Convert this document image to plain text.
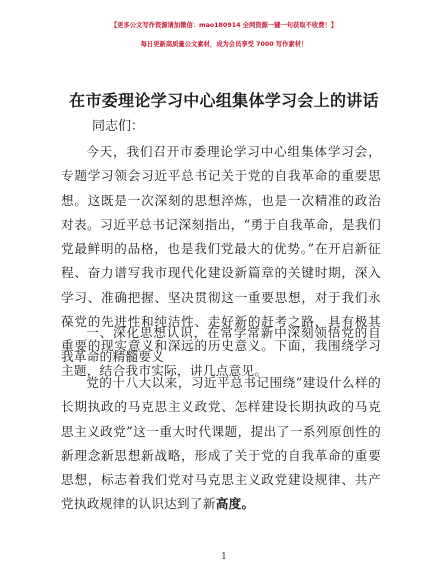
【更多公文写作资源请加微信：mao180914 全网资源一键一句获取不收费！】
每日更新高质量公文素材，成为会员享受 7000 写作素材！
在市委理论学习中心组集体学习会上的讲话
同志们：

今天，我们召开市委理论学习中心组集体学习会，专题学习领会习近平总书记关于党的自我革命的重要思想。这既是一次深刻的思想淬炼，也是一次精准的政治对表。习近平总书记深刻指出，“勇于自我革命，是我们党最鲜明的品格，也是我们党最大的优势。”在开启新征程、奋力谱写我市现代化建设新篇章的关键时期，深入学习、准确把握、坚决贯彻这一重要思想，对于我们永葆党的先进性和纯洁性、走好新的赶考之路，具有极其重要的现实意义和深远的历史意义。下面，我围绕学习主题，结合我市实际，讲几点意见。

一、深化思想认识，在常学常新中深刻领悟党的自我革命的精髓要义

党的十八大以来，习近平总书记围绕“建设什么样的长期执政的马克思主义政党、怎样建设长期执政的马克思主义政党”这一重大时代课题，提出了一系列原创性的新理念新思想新战略，形成了关于党的自我革命的重要思想，标志着我们党对马克思主义政党建设规律、共产党执政规律的认识达到了新高度。

1
